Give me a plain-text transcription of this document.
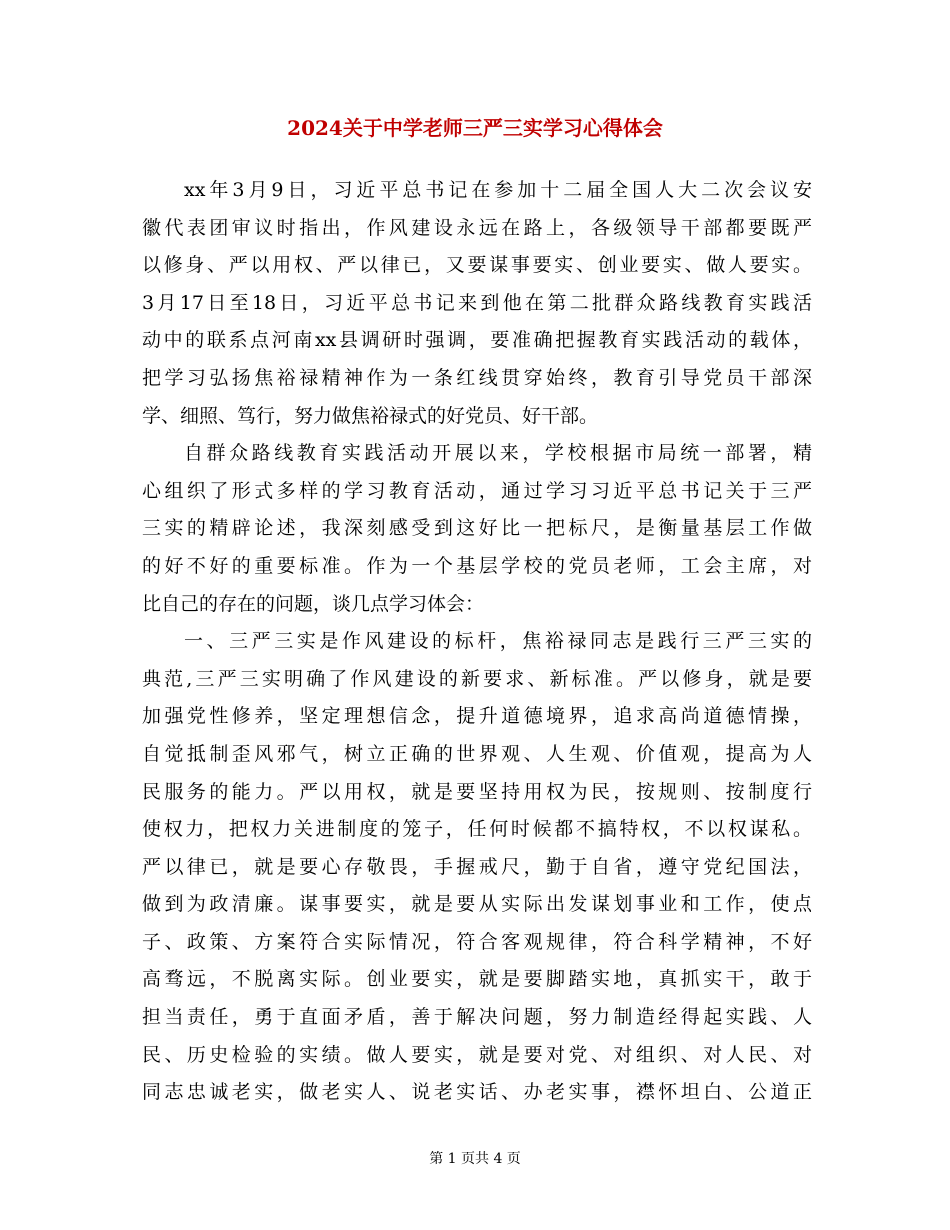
2024关于中学老师三严三实学习心得体会
xx年3月9日，习近平总书记在参加十二届全国人大二次会议安
徽代表团审议时指出，作风建设永远在路上，各级领导干部都要既严
以修身、严以用权、严以律已，又要谋事要实、创业要实、做人要实。
3月17日至18日，习近平总书记来到他在第二批群众路线教育实践活
动中的联系点河南xx县调研时强调，要准确把握教育实践活动的载体，
把学习弘扬焦裕禄精神作为一条红线贯穿始终，教育引导党员干部深
学、细照、笃行，努力做焦裕禄式的好党员、好干部。
自群众路线教育实践活动开展以来，学校根据市局统一部署，精
心组织了形式多样的学习教育活动，通过学习习近平总书记关于三严
三实的精辟论述，我深刻感受到这好比一把标尺，是衡量基层工作做
的好不好的重要标准。作为一个基层学校的党员老师，工会主席，对
比自己的存在的问题，谈几点学习体会：
一、三严三实是作风建设的标杆，焦裕禄同志是践行三严三实的
典范,三严三实明确了作风建设的新要求、新标准。严以修身，就是要
加强党性修养，坚定理想信念，提升道德境界，追求高尚道德情操，
自觉抵制歪风邪气，树立正确的世界观、人生观、价值观，提高为人
民服务的能力。严以用权，就是要坚持用权为民，按规则、按制度行
使权力，把权力关进制度的笼子，任何时候都不搞特权，不以权谋私。
严以律已，就是要心存敬畏，手握戒尺，勤于自省，遵守党纪国法，
做到为政清廉。谋事要实，就是要从实际出发谋划事业和工作，使点
子、政策、方案符合实际情况，符合客观规律，符合科学精神，不好
高骛远，不脱离实际。创业要实，就是要脚踏实地，真抓实干，敢于
担当责任，勇于直面矛盾，善于解决问题，努力制造经得起实践、人
民、历史检验的实绩。做人要实，就是要对党、对组织、对人民、对
同志忠诚老实，做老实人、说老实话、办老实事，襟怀坦白、公道正
第 1 页共 4 页
